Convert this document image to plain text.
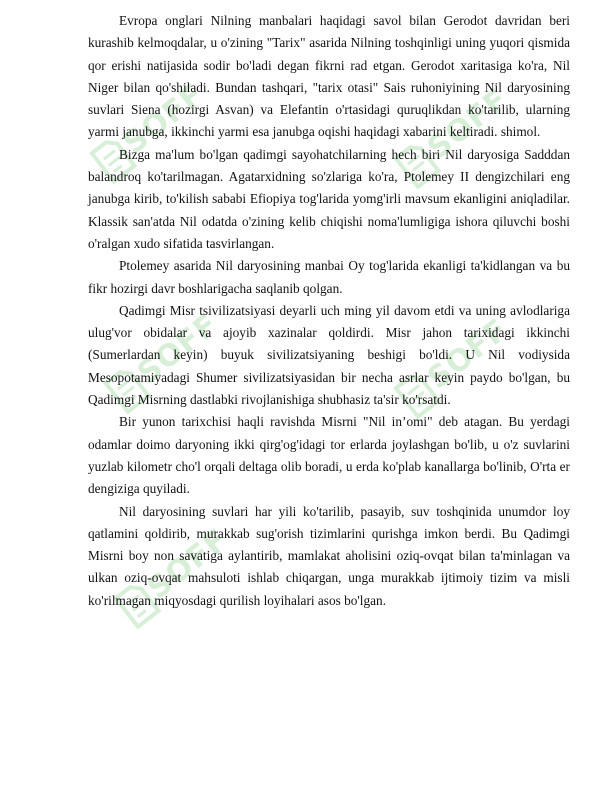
SOFF
SOFF
SOFF
SOFF
SOFF

Evropa onglari Nilning manbalari haqidagi savol bilan Gerodot davridan beri kurashib kelmoqdalar, u o'zining "Tarix" asarida Nilning toshqinligi uning yuqori qismida qor erishi natijasida sodir bo'ladi degan fikrni rad etgan. Gerodot xaritasiga ko'ra, Nil Niger bilan qo'shiladi. Bundan tashqari, "tarix otasi" Sais ruhoniyining Nil daryosining suvlari Siena (hozirgi Asvan) va Elefantin o'rtasidagi quruqlikdan ko'tarilib, ularning yarmi janubga, ikkinchi yarmi esa janubga oqishi haqidagi xabarini keltiradi. shimol.

Bizga ma'lum bo'lgan qadimgi sayohatchilarning hech biri Nil daryosiga Sadddan balandroq ko'tarilmagan. Agatarxidning so'zlariga ko'ra, Ptolemey II dengizchilari eng janubga kirib, to'kilish sababi Efiopiya tog'larida yomg'irli mavsum ekanligini aniqladilar. Klassik san'atda Nil odatda o'zining kelib chiqishi noma'lumligiga ishora qiluvchi boshi o'ralgan xudo sifatida tasvirlangan.

Ptolemey asarida Nil daryosining manbai Oy tog'larida ekanligi ta'kidlangan va bu fikr hozirgi davr boshlarigacha saqlanib qolgan.

Qadimgi Misr tsivilizatsiyasi deyarli uch ming yil davom etdi va uning avlodlariga ulug'vor obidalar va ajoyib xazinalar qoldirdi. Misr jahon tarixidagi ikkinchi (Sumerlardan keyin) buyuk sivilizatsiyaning beshigi bo'ldi. U Nil vodiysida Mesopotamiyadagi Shumer sivilizatsiyasidan bir necha asrlar keyin paydo bo'lgan, bu Qadimgi Misrning dastlabki rivojlanishiga shubhasiz ta'sir ko'rsatdi.

Bir yunon tarixchisi haqli ravishda Misrni "Nil in’omi" deb atagan. Bu yerdagi odamlar doimo daryoning ikki qirg'og'idagi tor erlarda joylashgan bo'lib, u o'z suvlarini yuzlab kilometr cho'l orqali deltaga olib boradi, u erda ko'plab kanallarga bo'linib, O'rta er dengiziga quyiladi.

Nil daryosining suvlari har yili ko'tarilib, pasayib, suv toshqinida unumdor loy qatlamini qoldirib, murakkab sug'orish tizimlarini qurishga imkon berdi. Bu Qadimgi Misrni boy non savatiga aylantirib, mamlakat aholisini oziq-ovqat bilan ta'minlagan va ulkan oziq-ovqat mahsuloti ishlab chiqargan, unga murakkab ijtimoiy tizim va misli ko'rilmagan miqyosdagi qurilish loyihalari asos bo'lgan.
